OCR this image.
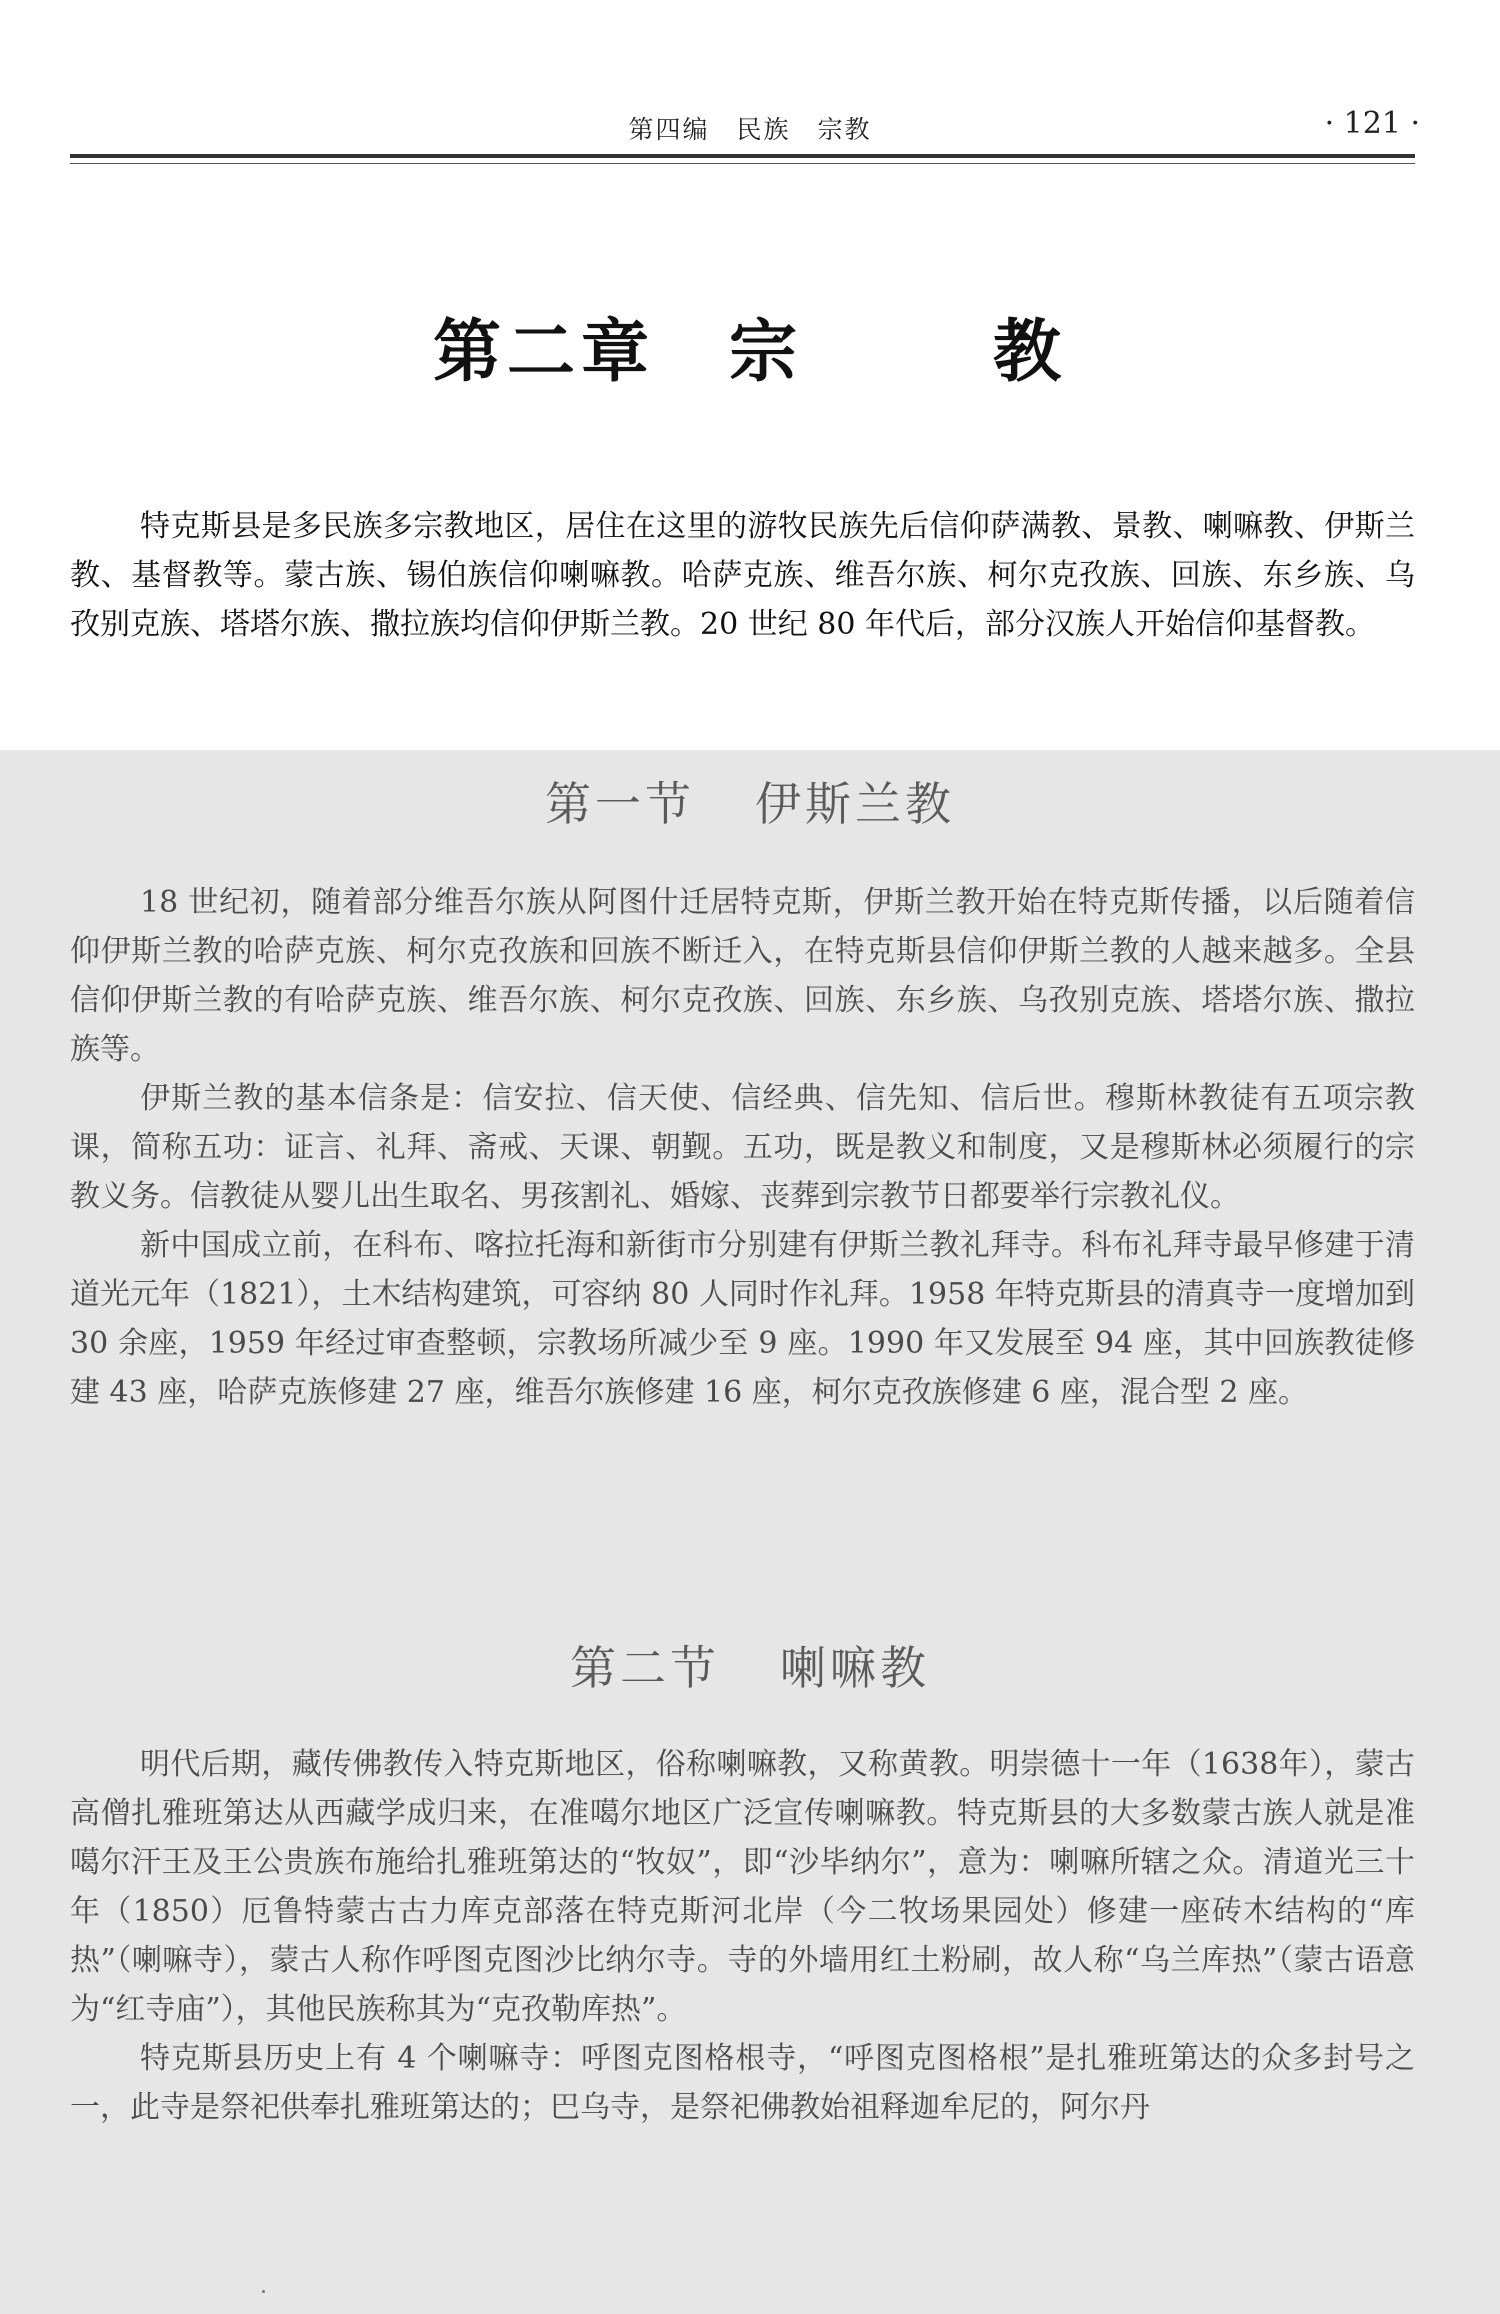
第四编　民族　宗教	· 121 ·
第二章　宗	教

特克斯县是多民族多宗教地区，居住在这里的游牧民族先后信仰萨满教、景教、喇嘛教、伊斯兰教、基督教等。蒙古族、锡伯族信仰喇嘛教。哈萨克族、维吾尔族、柯尔克孜族、回族、东乡族、乌孜别克族、塔塔尔族、撒拉族均信仰伊斯兰教。20 世纪 80 年代后，部分汉族人开始信仰基督教。

第一节 伊斯兰教

18 世纪初，随着部分维吾尔族从阿图什迁居特克斯，伊斯兰教开始在特克斯传播，以后随着信仰伊斯兰教的哈萨克族、柯尔克孜族和回族不断迁入，在特克斯县信仰伊斯兰教的人越来越多。全县信仰伊斯兰教的有哈萨克族、维吾尔族、柯尔克孜族、回族、东乡族、乌孜别克族、塔塔尔族、撒拉族等。

伊斯兰教的基本信条是：信安拉、信天使、信经典、信先知、信后世。穆斯林教徒有五项宗教课，简称五功：证言、礼拜、斋戒、天课、朝觐。五功，既是教义和制度，又是穆斯林必须履行的宗教义务。信教徒从婴儿出生取名、男孩割礼、婚嫁、丧葬到宗教节日都要举行宗教礼仪。

新中国成立前，在科布、喀拉托海和新街市分别建有伊斯兰教礼拜寺。科布礼拜寺最早修建于清道光元年（1821），土木结构建筑，可容纳 80 人同时作礼拜。1958 年特克斯县的清真寺一度增加到 30 余座，1959 年经过审查整顿，宗教场所减少至 9 座。1990 年又发展至 94 座，其中回族教徒修建 43 座，哈萨克族修建 27 座，维吾尔族修建 16 座，柯尔克孜族修建 6 座，混合型 2 座。

第二节 喇嘛教

明代后期，藏传佛教传入特克斯地区，俗称喇嘛教，又称黄教。明崇德十一年（1638年），蒙古高僧扎雅班第达从西藏学成归来，在准噶尔地区广泛宣传喇嘛教。特克斯县的大多数蒙古族人就是准噶尔汗王及王公贵族布施给扎雅班第达的“牧奴”，即“沙毕纳尔”，意为：喇嘛所辖之众。清道光三十年（1850）厄鲁特蒙古古力库克部落在特克斯河北岸（今二牧场果园处）修建一座砖木结构的“库热”（喇嘛寺），蒙古人称作呼图克图沙比纳尔寺。寺的外墙用红土粉刷，故人称“乌兰库热”（蒙古语意为“红寺庙”），其他民族称其为“克孜勒库热”。

特克斯县历史上有 4 个喇嘛寺：呼图克图格根寺，“呼图克图格根”是扎雅班第达的众多封号之一，此寺是祭祀供奉扎雅班第达的；巴乌寺，是祭祀佛教始祖释迦牟尼的，阿尔丹
